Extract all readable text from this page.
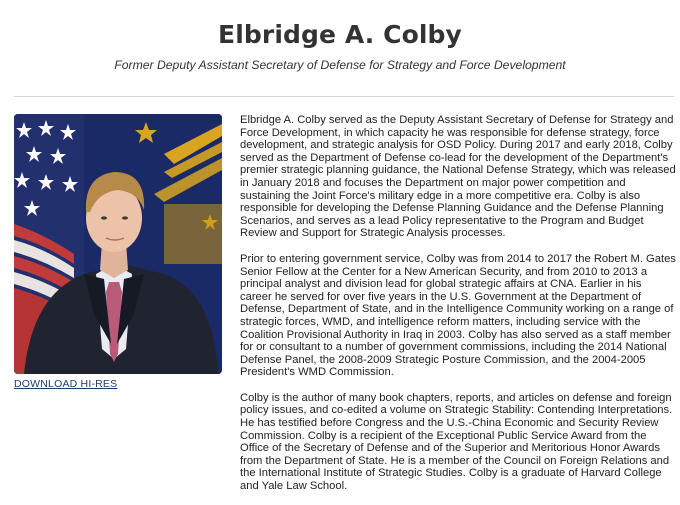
Elbridge A. Colby
Former Deputy Assistant Secretary of Defense for Strategy and Force Development
DOWNLOAD HI-RES

Elbridge A. Colby served as the Deputy Assistant Secretary of Defense for Strategy and Force Development, in which capacity he was responsible for defense strategy, force development, and strategic analysis for OSD Policy. During 2017 and early 2018, Colby served as the Department of Defense co-lead for the development of the Department's premier strategic planning guidance, the National Defense Strategy, which was released in January 2018 and focuses the Department on major power competition and sustaining the Joint Force's military edge in a more competitive era. Colby is also responsible for developing the Defense Planning Guidance and the Defense Planning Scenarios, and serves as a lead Policy representative to the Program and Budget Review and Support for Strategic Analysis processes.

Prior to entering government service, Colby was from 2014 to 2017 the Robert M. Gates Senior Fellow at the Center for a New American Security, and from 2010 to 2013 a principal analyst and division lead for global strategic affairs at CNA. Earlier in his career he served for over five years in the U.S. Government at the Department of Defense, Department of State, and in the Intelligence Community working on a range of strategic forces, WMD, and intelligence reform matters, including service with the Coalition Provisional Authority in Iraq in 2003. Colby has also served as a staff member for or consultant to a number of government commissions, including the 2014 National Defense Panel, the 2008-2009 Strategic Posture Commission, and the 2004-2005 President's WMD Commission.

Colby is the author of many book chapters, reports, and articles on defense and foreign policy issues, and co-edited a volume on Strategic Stability: Contending Interpretations. He has testified before Congress and the U.S.-China Economic and Security Review Commission. Colby is a recipient of the Exceptional Public Service Award from the Office of the Secretary of Defense and of the Superior and Meritorious Honor Awards from the Department of State. He is a member of the Council on Foreign Relations and the International Institute of Strategic Studies. Colby is a graduate of Harvard College and Yale Law School.
